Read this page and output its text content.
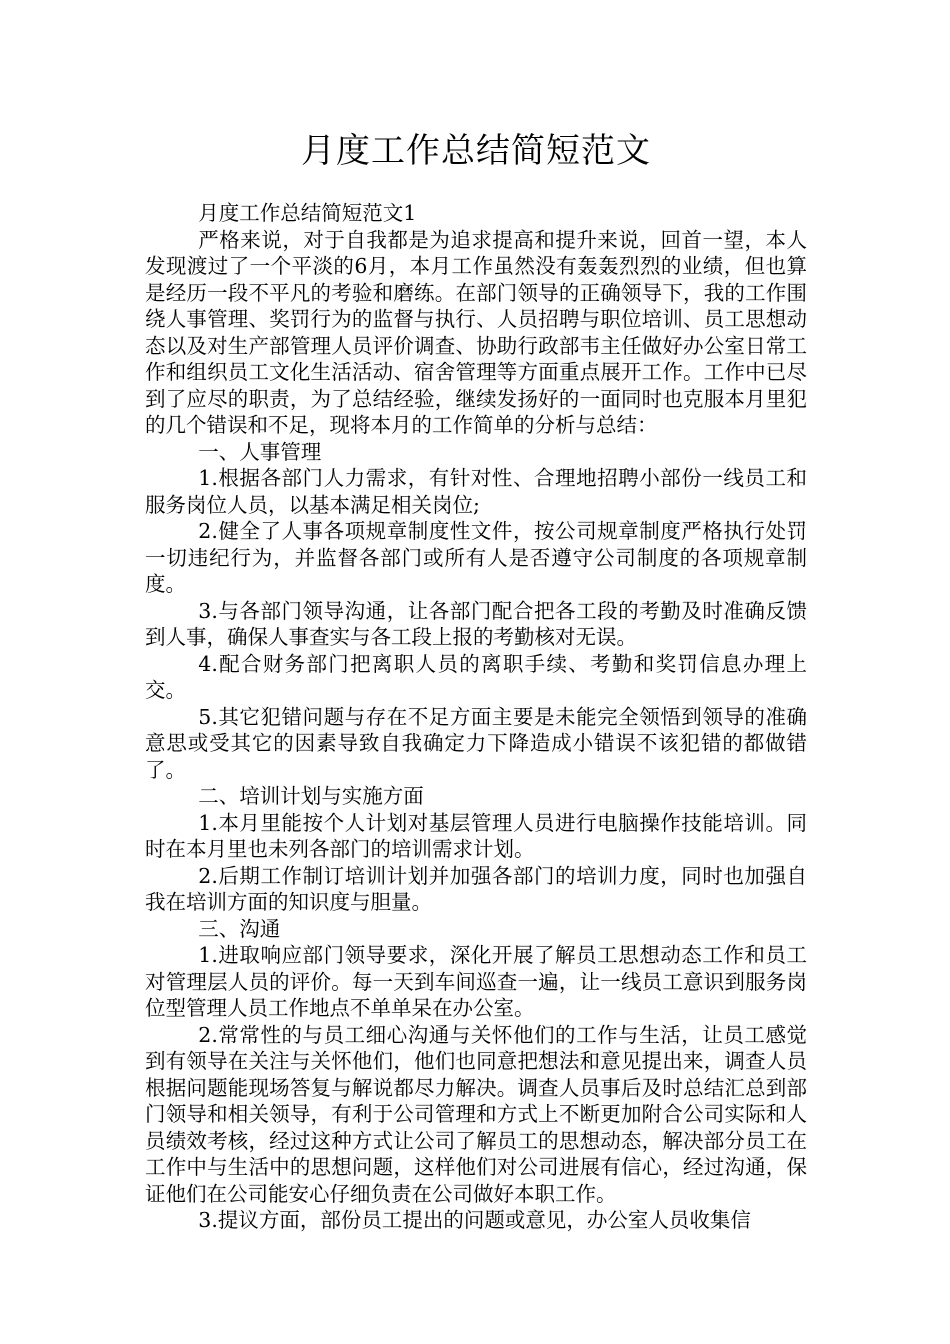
月度工作总结简短范文

月度工作总结简短范文1

严格来说，对于自我都是为追求提高和提升来说，回首一望，本人发现渡过了一个平淡的6月，本月工作虽然没有轰轰烈烈的业绩，但也算是经历一段不平凡的考验和磨练。在部门领导的正确领导下，我的工作围绕人事管理、奖罚行为的监督与执行、人员招聘与职位培训、员工思想动态以及对生产部管理人员评价调查、协助行政部韦主任做好办公室日常工作和组织员工文化生活活动、宿舍管理等方面重点展开工作。工作中已尽到了应尽的职责，为了总结经验，继续发扬好的一面同时也克服本月里犯的几个错误和不足，现将本月的工作简单的分析与总结：

一、人事管理

1.根据各部门人力需求，有针对性、合理地招聘小部份一线员工和服务岗位人员，以基本满足相关岗位;

2.健全了人事各项规章制度性文件，按公司规章制度严格执行处罚一切违纪行为，并监督各部门或所有人是否遵守公司制度的各项规章制度。

3.与各部门领导沟通，让各部门配合把各工段的考勤及时准确反馈到人事，确保人事查实与各工段上报的考勤核对无误。

4.配合财务部门把离职人员的离职手续、考勤和奖罚信息办理上交。

5.其它犯错问题与存在不足方面主要是未能完全领悟到领导的准确意思或受其它的因素导致自我确定力下降造成小错误不该犯错的都做错了。

二、培训计划与实施方面

1.本月里能按个人计划对基层管理人员进行电脑操作技能培训。同时在本月里也未列各部门的培训需求计划。

2.后期工作制订培训计划并加强各部门的培训力度，同时也加强自我在培训方面的知识度与胆量。

三、沟通

1.进取响应部门领导要求，深化开展了解员工思想动态工作和员工对管理层人员的评价。每一天到车间巡查一遍，让一线员工意识到服务岗位型管理人员工作地点不单单呆在办公室。

2.常常性的与员工细心沟通与关怀他们的工作与生活，让员工感觉到有领导在关注与关怀他们，他们也同意把想法和意见提出来，调查人员根据问题能现场答复与解说都尽力解决。调查人员事后及时总结汇总到部门领导和相关领导，有利于公司管理和方式上不断更加附合公司实际和人员绩效考核，经过这种方式让公司了解员工的思想动态，解决部分员工在工作中与生活中的思想问题，这样他们对公司进展有信心，经过沟通，保证他们在公司能安心仔细负责在公司做好本职工作。

3.提议方面，部份员工提出的问题或意见，办公室人员收集信
